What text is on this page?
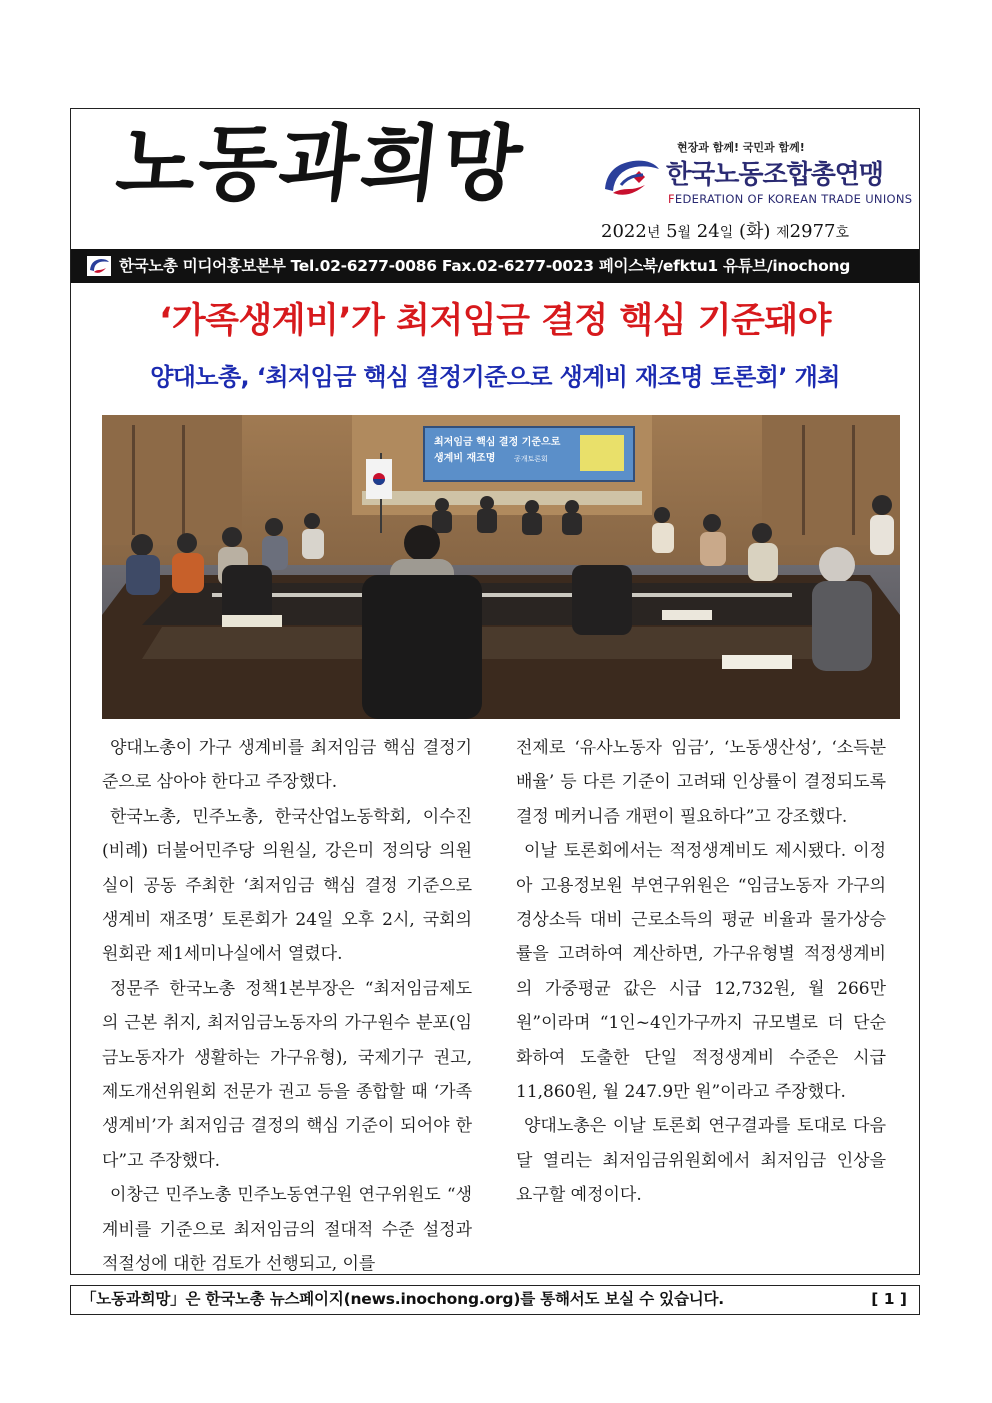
노동과희망	현장과 함께! 국민과 함께!
한국노동조합총연맹
FEDERATION OF KOREAN TRADE UNIONS
2022년 5월 24일 (화) 제2977호
한국노총 미디어홍보본부 Tel.02-6277-0086 Fax.02-6277-0023 페이스북/efktu1 유튜브/inochong
‘가족생계비’가 최저임금 결정 핵심 기준돼야
양대노총, ‘최저임금 핵심 결정기준으로 생계비 재조명 토론회’ 개최
최저임금 핵심 결정 기준으로
생계비 재조명	공개토론회

양대노총이 가구 생계비를 최저임금 핵심 결정기준으로 삼아야 한다고 주장했다.

한국노총, 민주노총, 한국산업노동학회, 이수진(비례) 더불어민주당 의원실, 강은미 정의당 의원실이 공동 주최한 ‘최저임금 핵심 결정 기준으로 생계비 재조명’ 토론회가 24일 오후 2시, 국회의원회관 제1세미나실에서 열렸다.

정문주 한국노총 정책1본부장은 “최저임금제도의 근본 취지, 최저임금노동자의 가구원수 분포(임금노동자가 생활하는 가구유형), 국제기구 권고, 제도개선위원회 전문가 권고 등을 종합할 때 ‘가족생계비’가 최저임금 결정의 핵심 기준이 되어야 한다”고 주장했다.

이창근 민주노총 민주노동연구원 연구위원도 “생계비를 기준으로 최저임금의 절대적 수준 설정과 적절성에 대한 검토가 선행되고, 이를

전제로 ‘유사노동자 임금’, ‘노동생산성’, ‘소득분배율’ 등 다른 기준이 고려돼 인상률이 결정되도록 결정 메커니즘 개편이 필요하다”고 강조했다.

이날 토론회에서는 적정생계비도 제시됐다. 이정아 고용정보원 부연구위원은 “임금노동자 가구의 경상소득 대비 근로소득의 평균 비율과 물가상승률을 고려하여 계산하면, 가구유형별 적정생계비의 가중평균 값은 시급 12,732원, 월 266만 원”이라며 “1인~4인가구까지 규모별로 더 단순화하여 도출한 단일 적정생계비 수준은 시급 11,860원, 월 247.9만 원”이라고 주장했다.

양대노총은 이날 토론회 연구결과를 토대로 다음달 열리는 최저임금위원회에서 최저임금 인상을 요구할 예정이다.

「노동과희망」은 한국노총 뉴스페이지(news.inochong.org)를 통해서도 보실 수 있습니다.	[ 1 ]
